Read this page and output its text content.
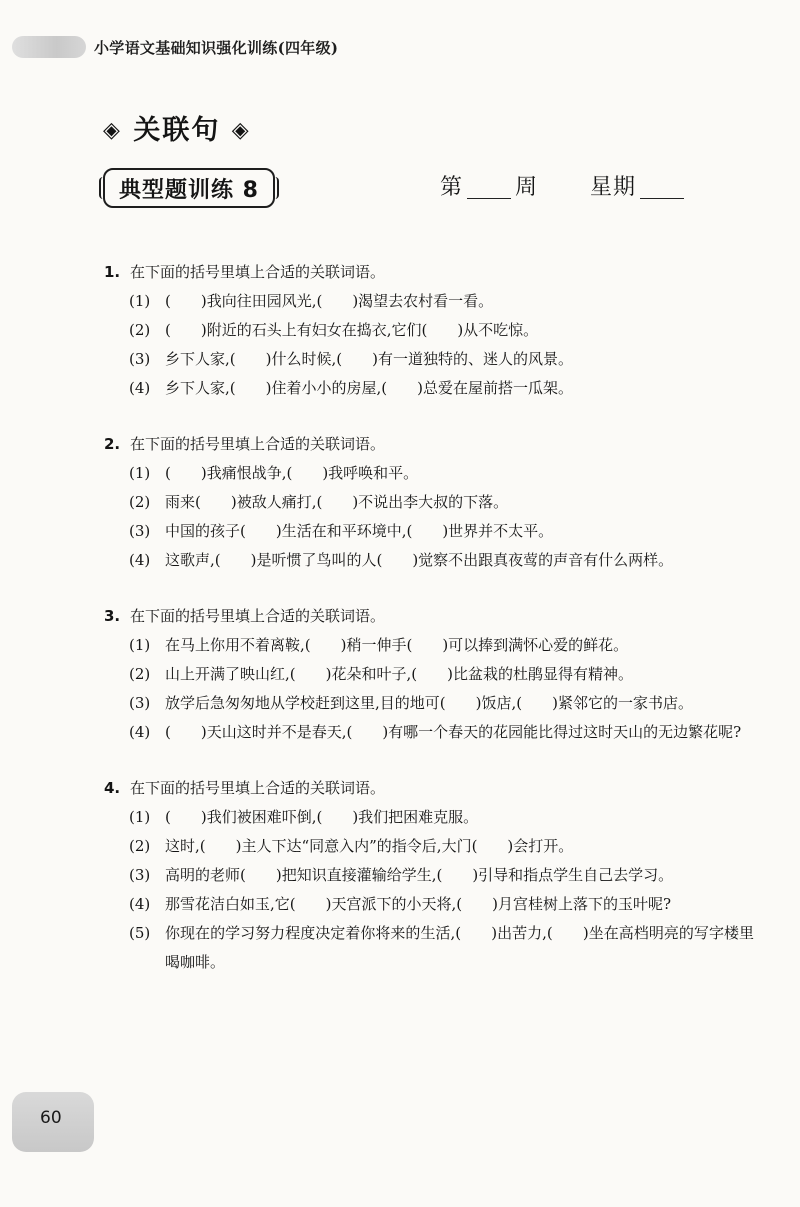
小学语文基础知识强化训练(四年级)
◈ 关联句 ◈
典型题训练 8	第 周 星期
1. 在下面的括号里填上合适的关联词语。
(1) (　　)我向往田园风光,(　　)渴望去农村看一看。
(2) (　　)附近的石头上有妇女在捣衣,它们(　　)从不吃惊。
(3) 乡下人家,(　　)什么时候,(　　)有一道独特的、迷人的风景。
(4) 乡下人家,(　　)住着小小的房屋,(　　)总爱在屋前搭一瓜架。
2. 在下面的括号里填上合适的关联词语。
(1) (　　)我痛恨战争,(　　)我呼唤和平。
(2) 雨来(　　)被敌人痛打,(　　)不说出李大叔的下落。
(3) 中国的孩子(　　)生活在和平环境中,(　　)世界并不太平。
(4) 这歌声,(　　)是听惯了鸟叫的人(　　)觉察不出跟真夜莺的声音有什么两样。
3. 在下面的括号里填上合适的关联词语。
(1) 在马上你用不着离鞍,(　　)稍一伸手(　　)可以捧到满怀心爱的鲜花。
(2) 山上开满了映山红,(　　)花朵和叶子,(　　)比盆栽的杜鹃显得有精神。
(3) 放学后急匆匆地从学校赶到这里,目的地可(　　)饭店,(　　)紧邻它的一家书店。
(4) (　　)天山这时并不是春天,(　　)有哪一个春天的花园能比得过这时天山的无边繁花呢?
4. 在下面的括号里填上合适的关联词语。
(1) (　　)我们被困难吓倒,(　　)我们把困难克服。
(2) 这时,(　　)主人下达“同意入内”的指令后,大门(　　)会打开。
(3) 高明的老师(　　)把知识直接灌输给学生,(　　)引导和指点学生自己去学习。
(4) 那雪花洁白如玉,它(　　)天宫派下的小天将,(　　)月宫桂树上落下的玉叶呢?
(5) 你现在的学习努力程度决定着你将来的生活,(　　)出苦力,(　　)坐在高档明亮的写字楼里喝咖啡。
60
